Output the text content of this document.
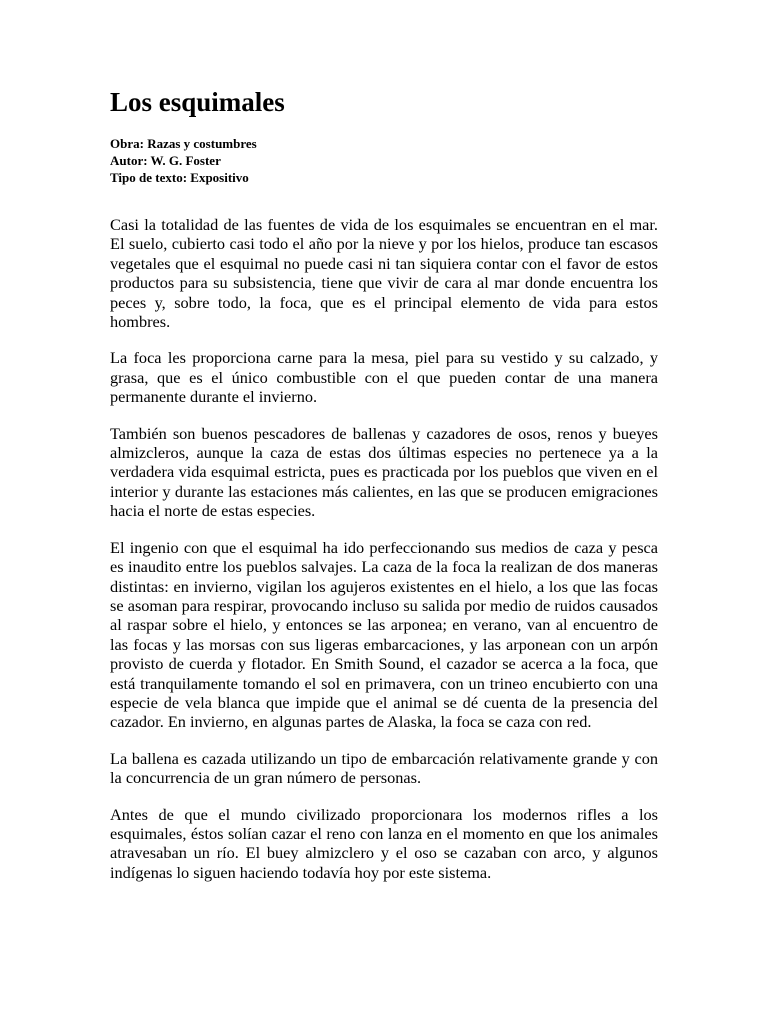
Los esquimales
Obra: Razas y costumbres
Autor: W. G. Foster
Tipo de texto: Expositivo

Casi la totalidad de las fuentes de vida de los esquimales se encuentran en el mar. El suelo, cubierto casi todo el año por la nieve y por los hielos, produce tan escasos vegetales que el esquimal no puede casi ni tan siquiera contar con el favor de estos productos para su subsistencia, tiene que vivir de cara al mar donde encuentra los peces y, sobre todo, la foca, que es el principal elemento de vida para estos hombres.

La foca les proporciona carne para la mesa, piel para su vestido y su calzado, y grasa, que es el único combustible con el que pueden contar de una manera permanente durante el invierno.

También son buenos pescadores de ballenas y cazadores de osos, renos y bueyes almizcleros, aunque la caza de estas dos últimas especies no pertenece ya a la verdadera vida esquimal estricta, pues es practicada por los pueblos que viven en el interior y durante las estaciones más calientes, en las que se producen emigraciones hacia el norte de estas especies.

El ingenio con que el esquimal ha ido perfeccionando sus medios de caza y pesca es inaudito entre los pueblos salvajes. La caza de la foca la realizan de dos maneras distintas: en invierno, vigilan los agujeros existentes en el hielo, a los que las focas se asoman para respirar, provocando incluso su salida por medio de ruidos causados al raspar sobre el hielo, y entonces se las arponea; en verano, van al encuentro de las focas y las morsas con sus ligeras embarcaciones, y las arponean con un arpón provisto de cuerda y flotador. En Smith Sound, el cazador se acerca a la foca, que está tranquilamente tomando el sol en primavera, con un trineo encubierto con una especie de vela blanca que impide que el animal se dé cuenta de la presencia del cazador. En invierno, en algunas partes de Alaska, la foca se caza con red.

La ballena es cazada utilizando un tipo de embarcación relativamente grande y con la concurrencia de un gran número de personas.

Antes de que el mundo civilizado proporcionara los modernos rifles a los esquimales, éstos solían cazar el reno con lanza en el momento en que los animales atravesaban un río. El buey almizclero y el oso se cazaban con arco, y algunos indígenas lo siguen haciendo todavía hoy por este sistema.
